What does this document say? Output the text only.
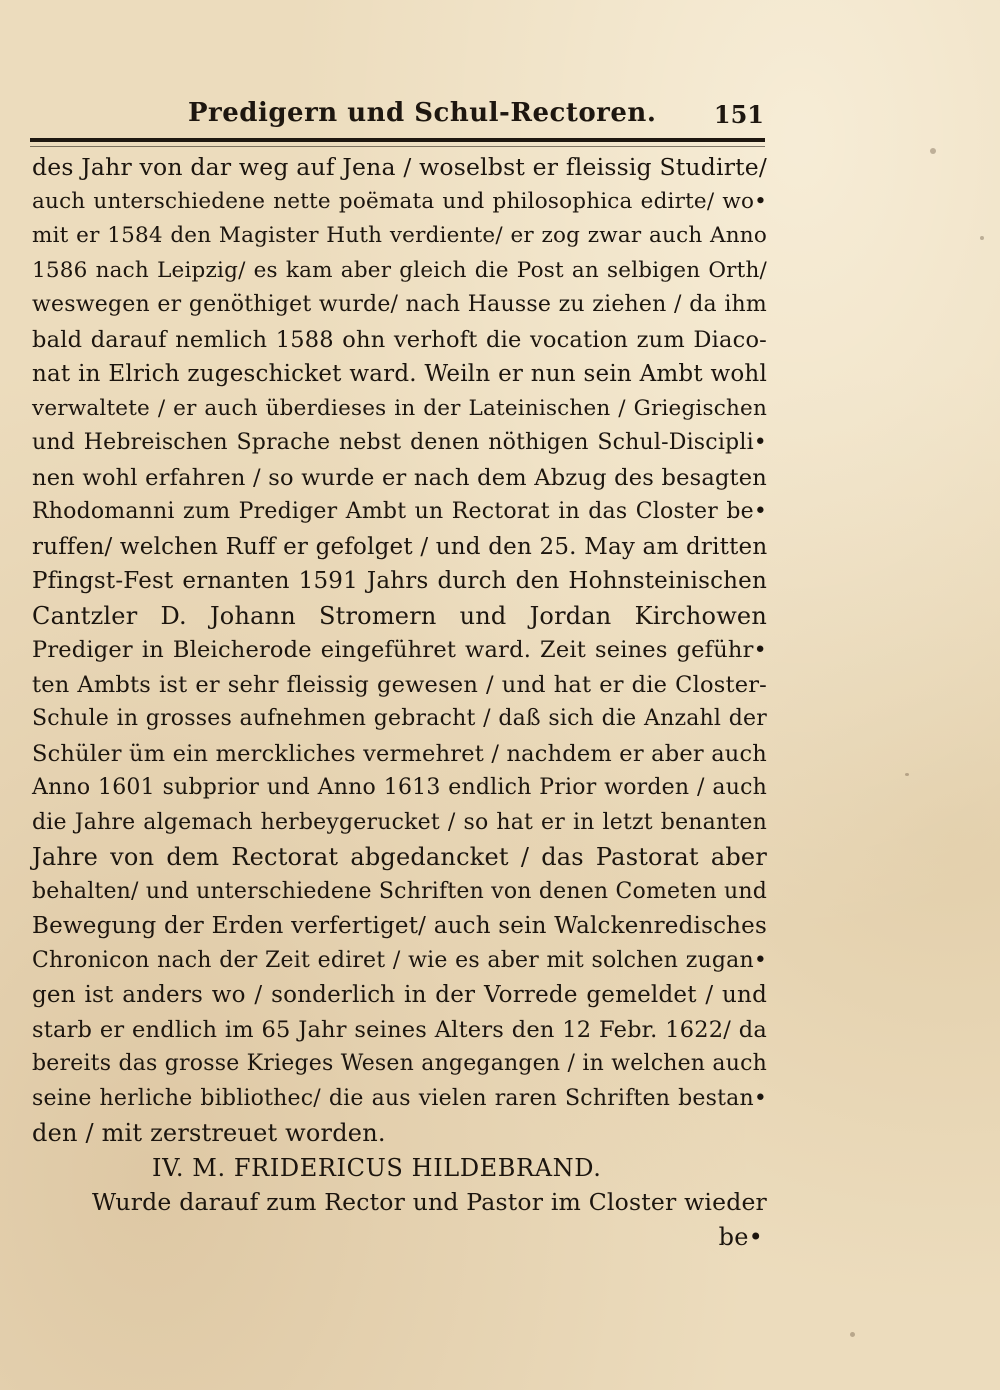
Predigern und Schul-Rectoren. 151
des Jahr von dar weg auf Jena / woselbst er fleissig Studirte/
auch unterschiedene nette poëmata und philosophica edirte/ wo•
mit er 1584 den Magister Huth verdiente/ er zog zwar auch Anno
1586 nach Leipzig/ es kam aber gleich die Post an selbigen Orth/
weswegen er genöthiget wurde/ nach Hausse zu ziehen / da ihm
bald darauf nemlich 1588 ohn verhoft die vocation zum Diaco-
nat in Elrich zugeschicket ward. Weiln er nun sein Ambt wohl
verwaltete / er auch überdieses in der Lateinischen / Griegischen
und Hebreischen Sprache nebst denen nöthigen Schul-Discipli•
nen wohl erfahren / so wurde er nach dem Abzug des besagten
Rhodomanni zum Prediger Ambt un Rectorat in das Closter be•
ruffen/ welchen Ruff er gefolget / und den 25. May am dritten
Pfingst-Fest ernanten 1591 Jahrs durch den Hohnsteinischen
Cantzler D. Johann Stromern und Jordan Kirchowen
Prediger in Bleicherode eingeführet ward. Zeit seines geführ•
ten Ambts ist er sehr fleissig gewesen / und hat er die Closter-
Schule in grosses aufnehmen gebracht / daß sich die Anzahl der
Schüler üm ein merckliches vermehret / nachdem er aber auch
Anno 1601 subprior und Anno 1613 endlich Prior worden / auch
die Jahre algemach herbeygerucket / so hat er in letzt benanten
Jahre von dem Rectorat abgedancket / das Pastorat aber
behalten/ und unterschiedene Schriften von denen Cometen und
Bewegung der Erden verfertiget/ auch sein Walckenredisches
Chronicon nach der Zeit ediret / wie es aber mit solchen zugan•
gen ist anders wo / sonderlich in der Vorrede gemeldet / und
starb er endlich im 65 Jahr seines Alters den 12 Febr. 1622/ da
bereits das grosse Krieges Wesen angegangen / in welchen auch
seine herliche bibliothec/ die aus vielen raren Schriften bestan•
den / mit zerstreuet worden.
IV. M. FRIDERICUS HILDEBRAND.
Wurde darauf zum Rector und Pastor im Closter wieder
be•
